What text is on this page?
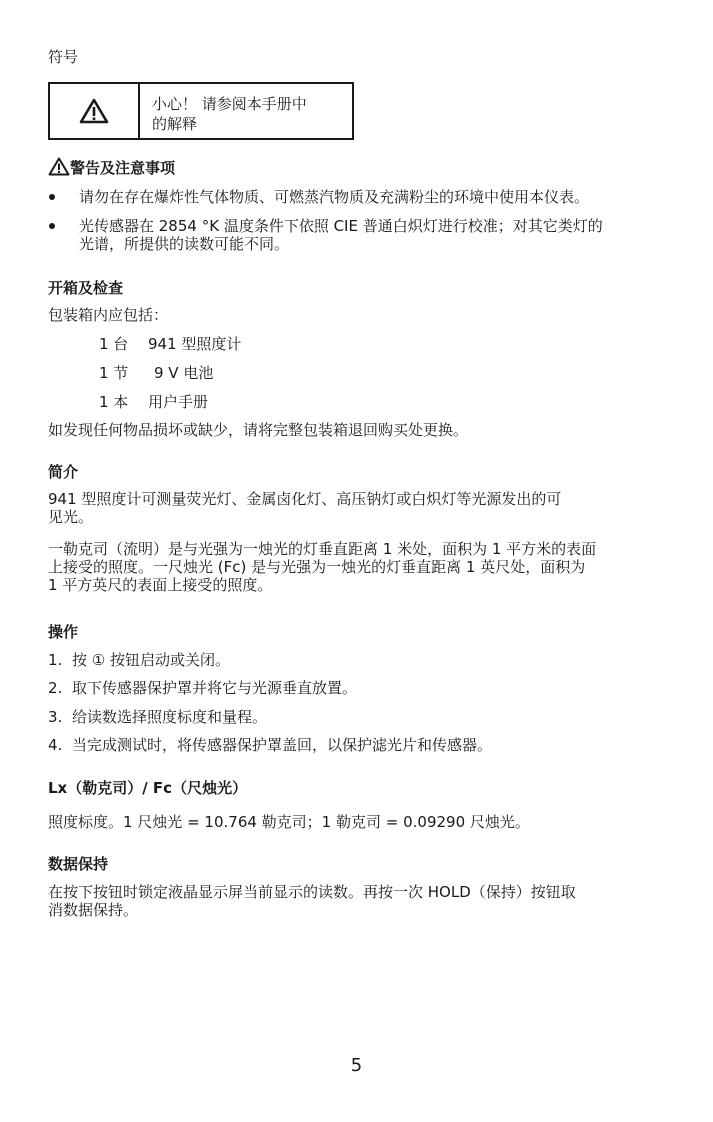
符号
小心！ 请参阅本手册中
的解释
警告及注意事项
请勿在存在爆炸性气体物质、可燃蒸汽物质及充满粉尘的环境中使用本仪表。
光传感器在 2854 °K 温度条件下依照 CIE 普通白炽灯进行校准；对其它类灯的
光谱，所提供的读数可能不同。
开箱及检查
包装箱内应包括：
1 台 941 型照度计
1 节 9 V 电池
1 本 用户手册
如发现任何物品损坏或缺少，请将完整包装箱退回购买处更换。
简介
941 型照度计可测量荧光灯、金属卤化灯、高压钠灯或白炽灯等光源发出的可
见光。
一勒克司（流明）是与光强为一烛光的灯垂直距离 1 米处，面积为 1 平方米的表面
上接受的照度。一尺烛光 (Fc) 是与光强为一烛光的灯垂直距离 1 英尺处，面积为
1 平方英尺的表面上接受的照度。
操作
1. 按 ① 按钮启动或关闭。
2. 取下传感器保护罩并将它与光源垂直放置。
3. 给读数选择照度标度和量程。
4. 当完成测试时，将传感器保护罩盖回，以保护滤光片和传感器。
Lx（勒克司）/ Fc（尺烛光）
照度标度。1 尺烛光 = 10.764 勒克司；1 勒克司 = 0.09290 尺烛光。
数据保持
在按下按钮时锁定液晶显示屏当前显示的读数。再按一次 HOLD（保持）按钮取
消数据保持。
5
